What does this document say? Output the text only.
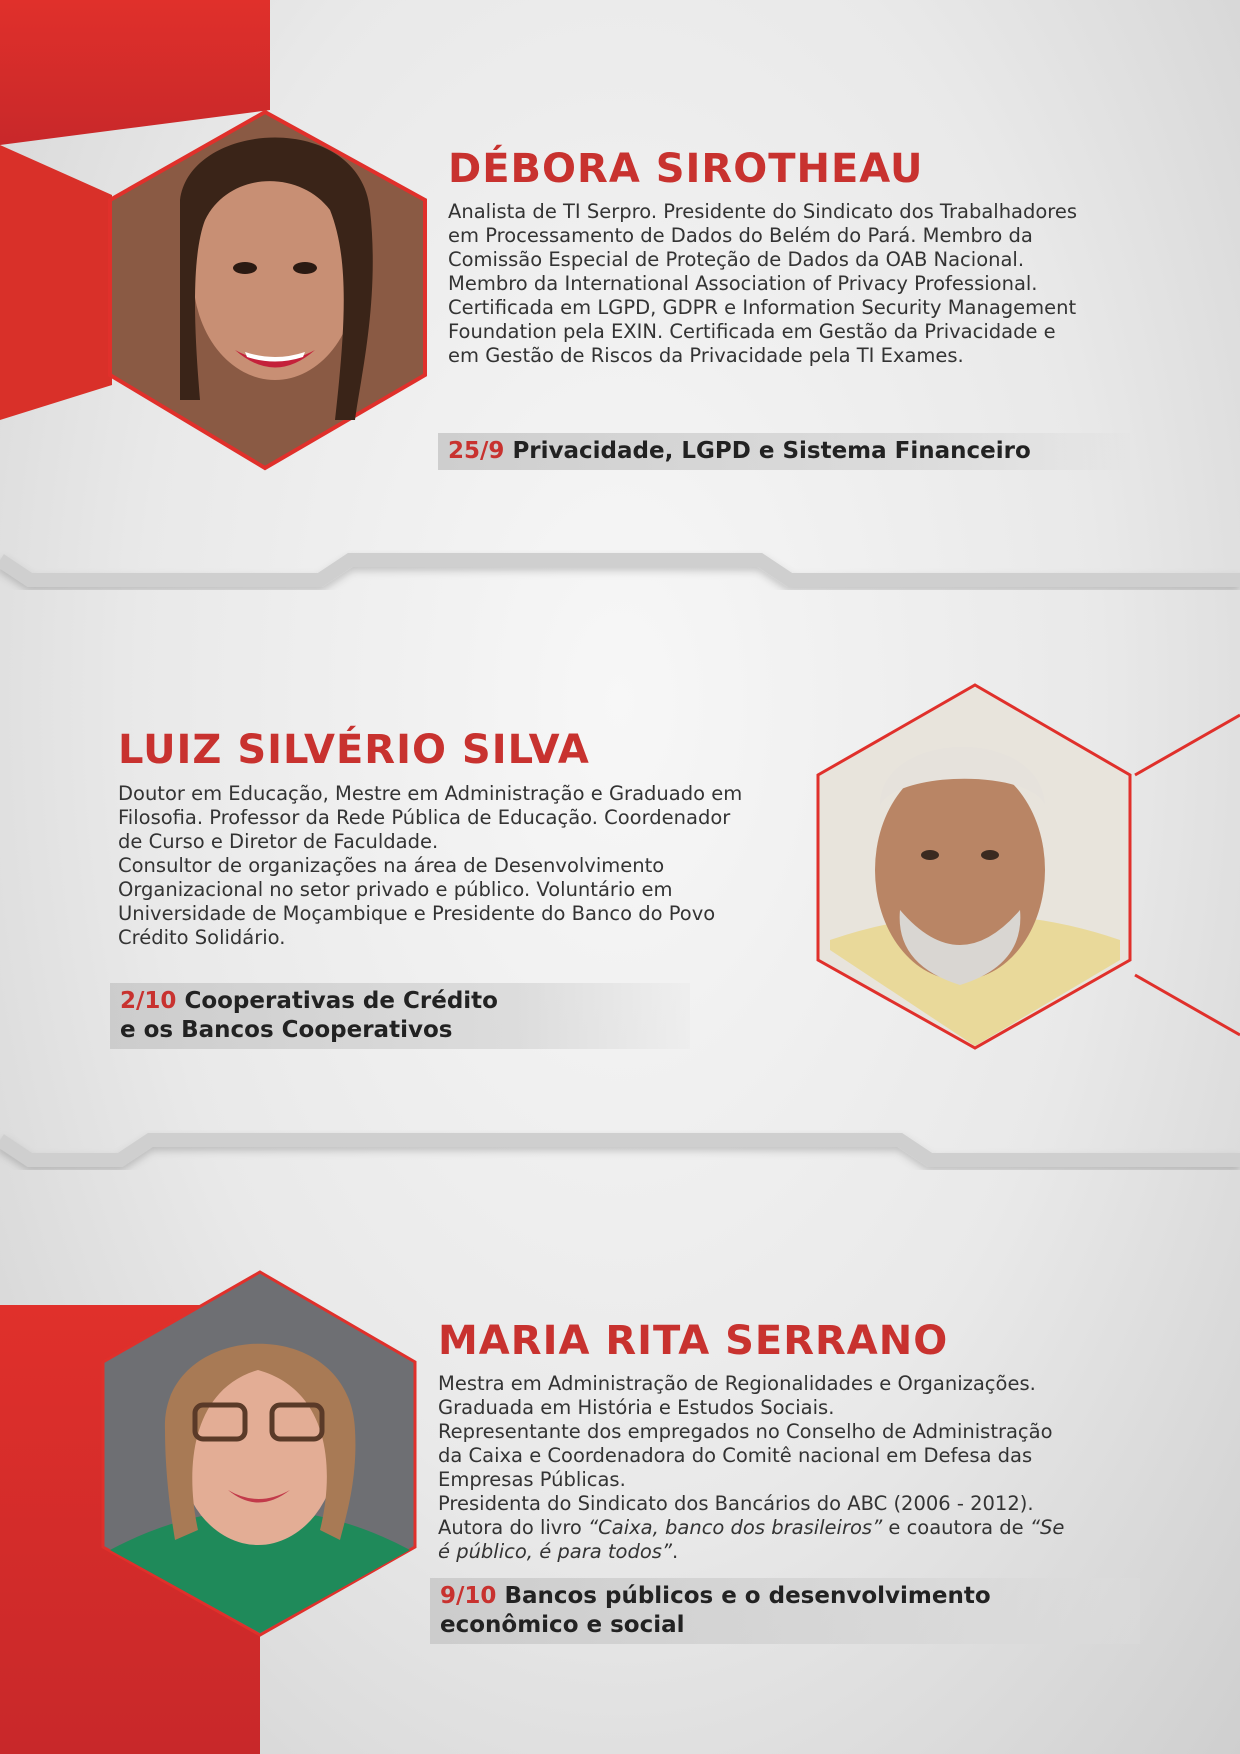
DÉBORA SIROTHEAU

Analista de TI Serpro. Presidente do Sindicato dos Trabalhadores

em Processamento de Dados do Belém do Pará. Membro da

Comissão Especial de Proteção de Dados da OAB Nacional.

Membro da International Association of Privacy Professional.

Certificada em LGPD, GDPR e Information Security Management

Foundation pela EXIN. Certificada em Gestão da Privacidade e

em Gestão de Riscos da Privacidade pela TI Exames.

25/9 Privacidade, LGPD e Sistema Financeiro
LUIZ SILVÉRIO SILVA

Doutor em Educação, Mestre em Administração e Graduado em

Filosofia. Professor da Rede Pública de Educação. Coordenador

de Curso e Diretor de Faculdade.

Consultor de organizações na área de Desenvolvimento

Organizacional no setor privado e público. Voluntário em

Universidade de Moçambique e Presidente do Banco do Povo

Crédito Solidário.

2/10 Cooperativas de Crédito
e os Bancos Cooperativos
MARIA RITA SERRANO

Mestra em Administração de Regionalidades e Organizações.

Graduada em História e Estudos Sociais.

Representante dos empregados no Conselho de Administração

da Caixa e Coordenadora do Comitê nacional em Defesa das

Empresas Públicas.

Presidenta do Sindicato dos Bancários do ABC (2006 - 2012).

Autora do livro “Caixa, banco dos brasileiros” e coautora de “Se

é público, é para todos”.

9/10 Bancos públicos e o desenvolvimento
econômico e social
